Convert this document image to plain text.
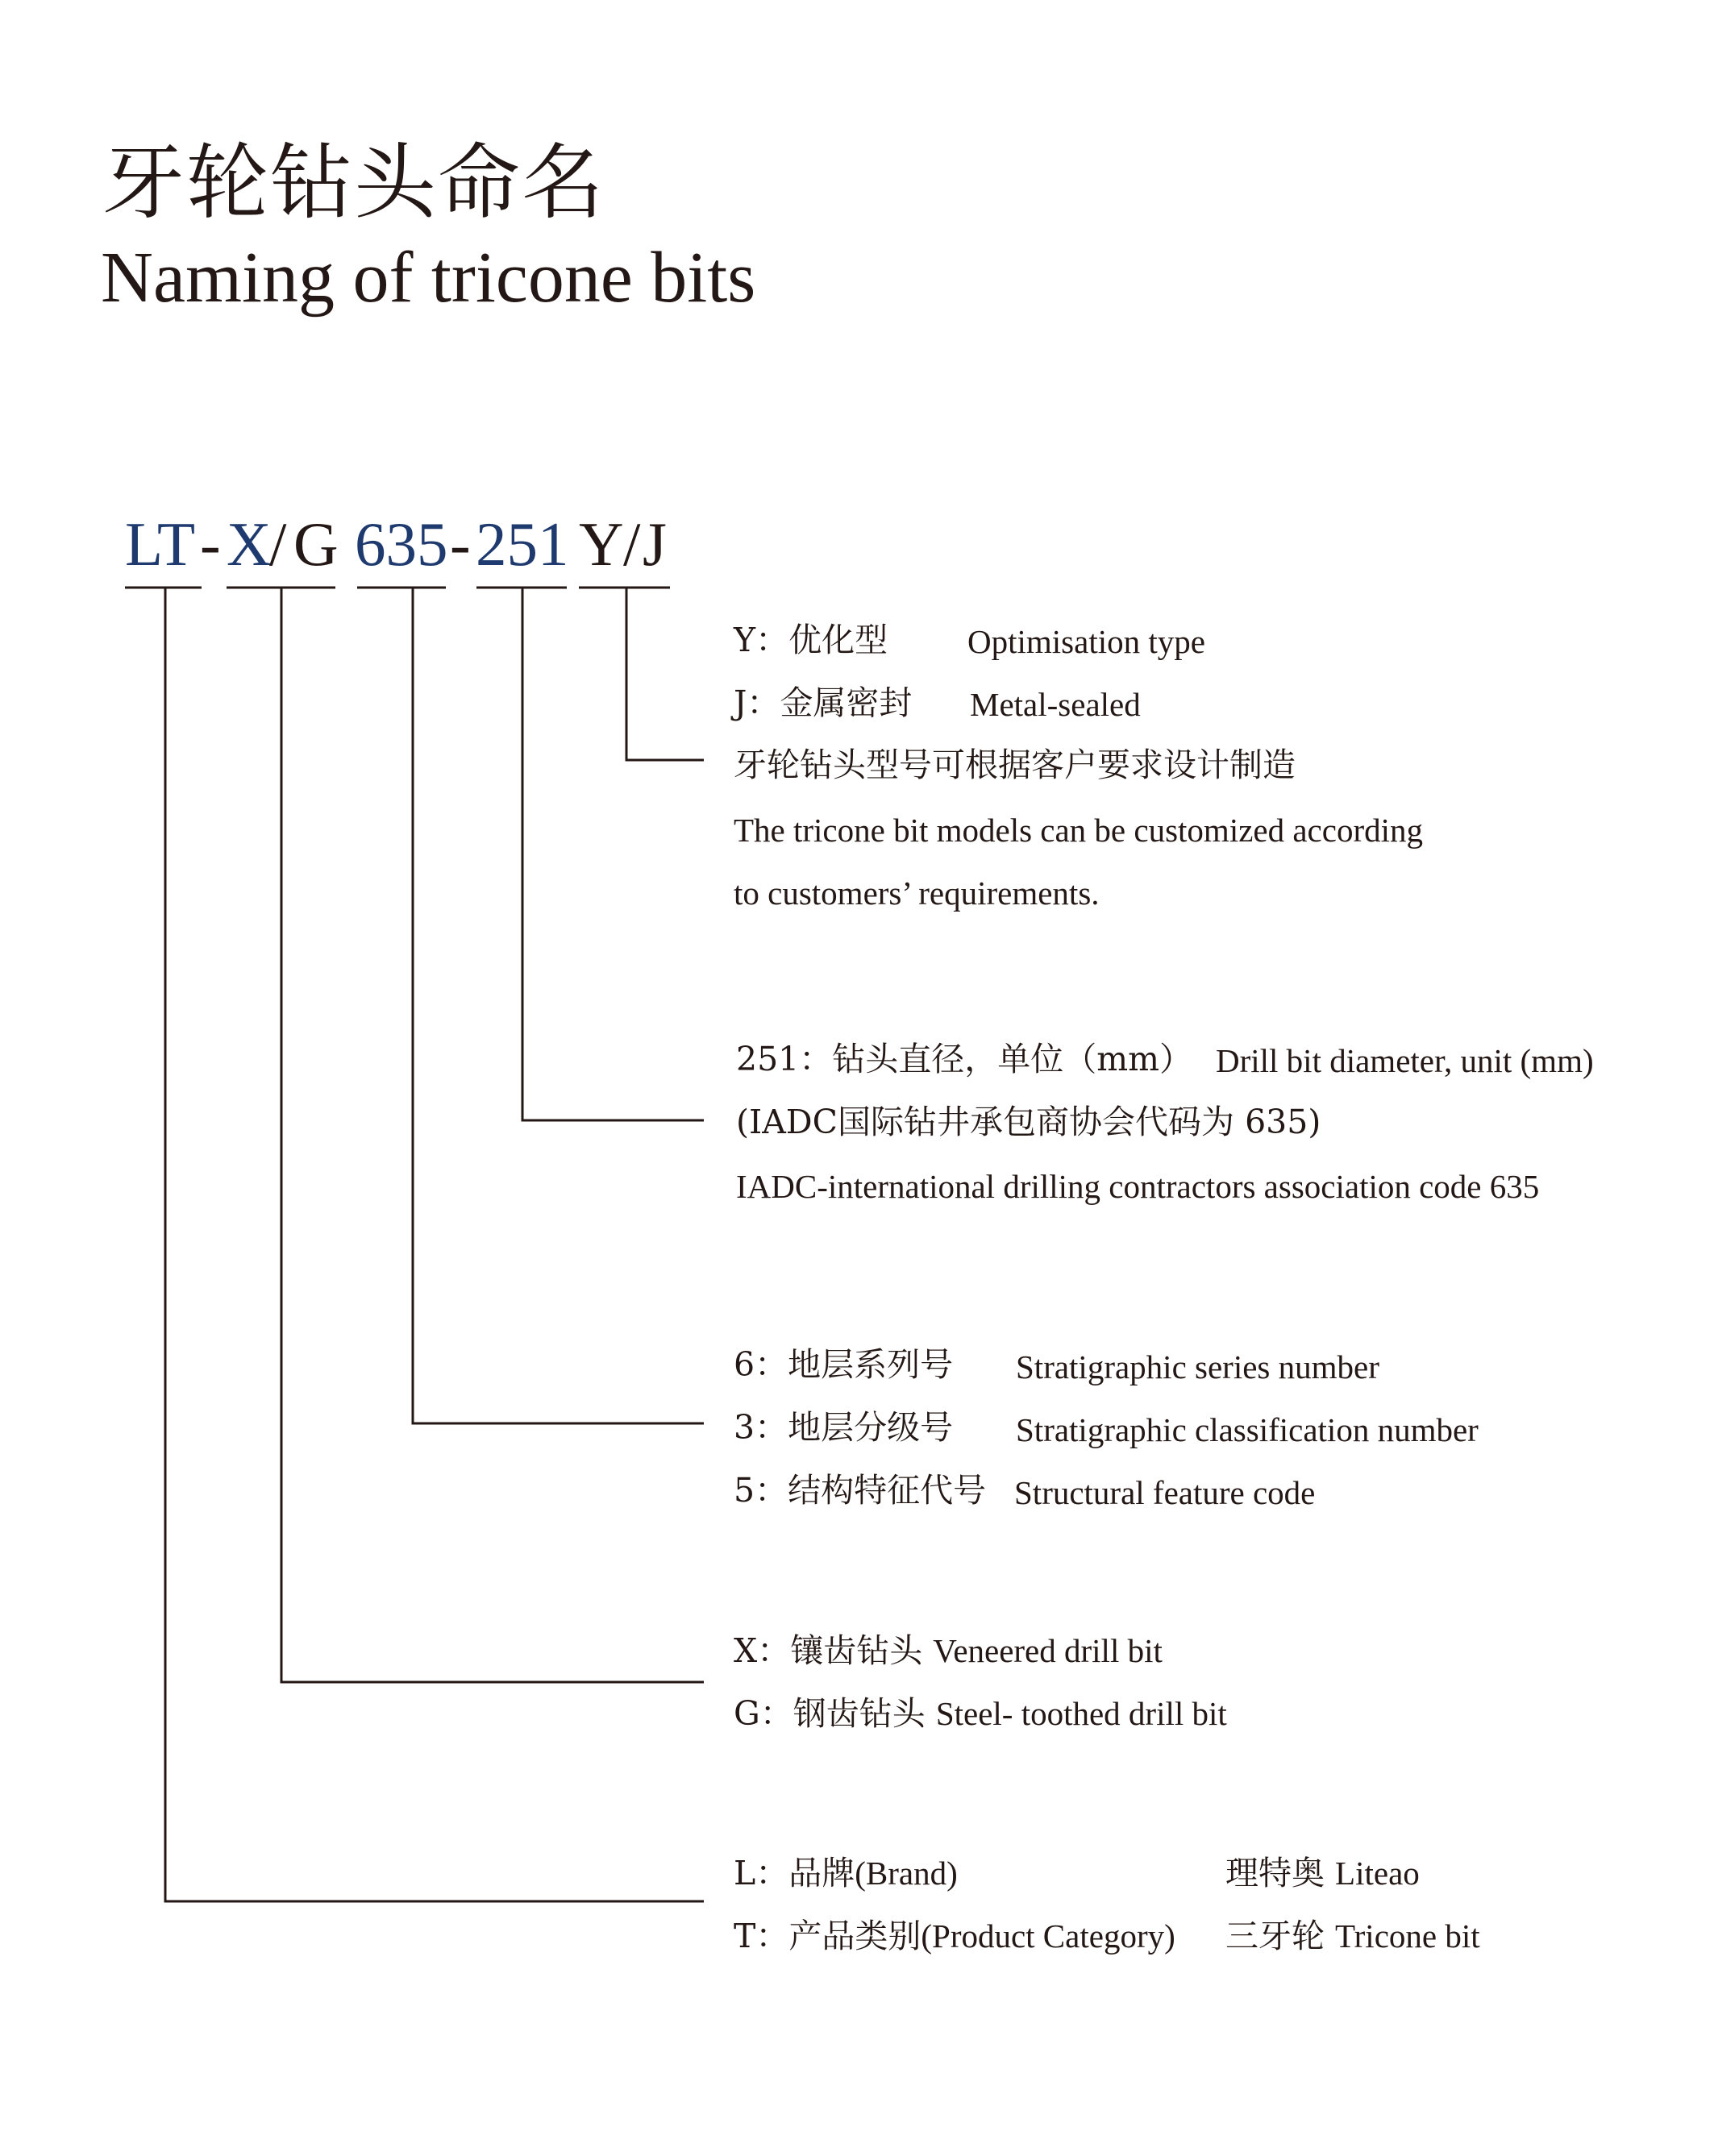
牙轮钻头命名
Naming of tricone bits
LT - X
/ G 635 - 251 Y / J
Y：优化型 Optimisation type
J：金属密封 Metal-sealed
牙轮钻头型号可根据客户要求设计制造
The tricone bit models can be customized according
to customers’ requirements.
251：钻头直径，单位（mm） Drill bit diameter, unit (mm)
(IADC国际钻井承包商协会代码为 635)
IADC-international drilling contractors association code 635
6：地层系列号 Stratigraphic series number
3：地层分级号 Stratigraphic classification number
5：结构特征代号 Structural feature code
X：镶齿钻头 Veneered drill bit
G：钢齿钻头 Steel- toothed drill bit
L：品牌(Brand)	理特奥 Liteao
T：产品类别(Product Category) 三牙轮 Tricone bit
